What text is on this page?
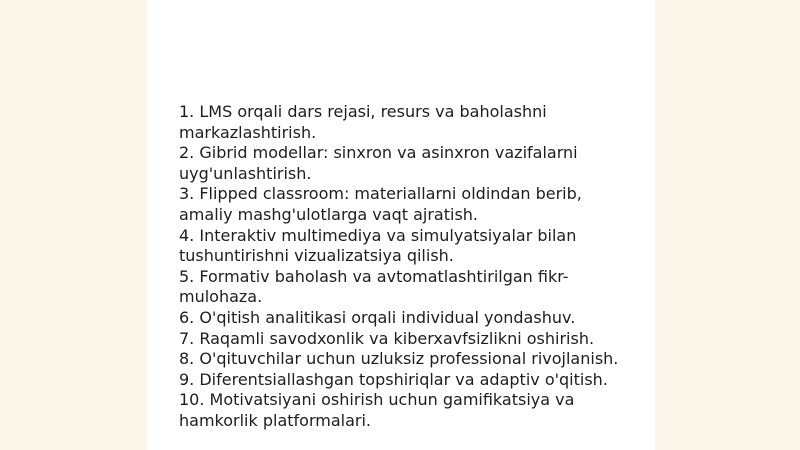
1. LMS orqali dars rejasi, resurs va baholashni markazlashtirish.
2. Gibrid modellar: sinxron va asinxron vazifalarni uyg'unlashtirish.
3. Flipped classroom: materiallarni oldindan berib, amaliy mashg'ulotlarga vaqt ajratish.
4. Interaktiv multimediya va simulyatsiyalar bilan tushuntirishni vizualizatsiya qilish.
5. Formativ baholash va avtomatlashtirilgan fikr-mulohaza.
6. O'qitish analitikasi orqali individual yondashuv.
7. Raqamli savodxonlik va kiberxavfsizlikni oshirish.
8. O'qituvchilar uchun uzluksiz professional rivojlanish.
9. Diferentsiallashgan topshiriqlar va adaptiv o'qitish.
10. Motivatsiyani oshirish uchun gamifikatsiya va hamkorlik platformalari.
